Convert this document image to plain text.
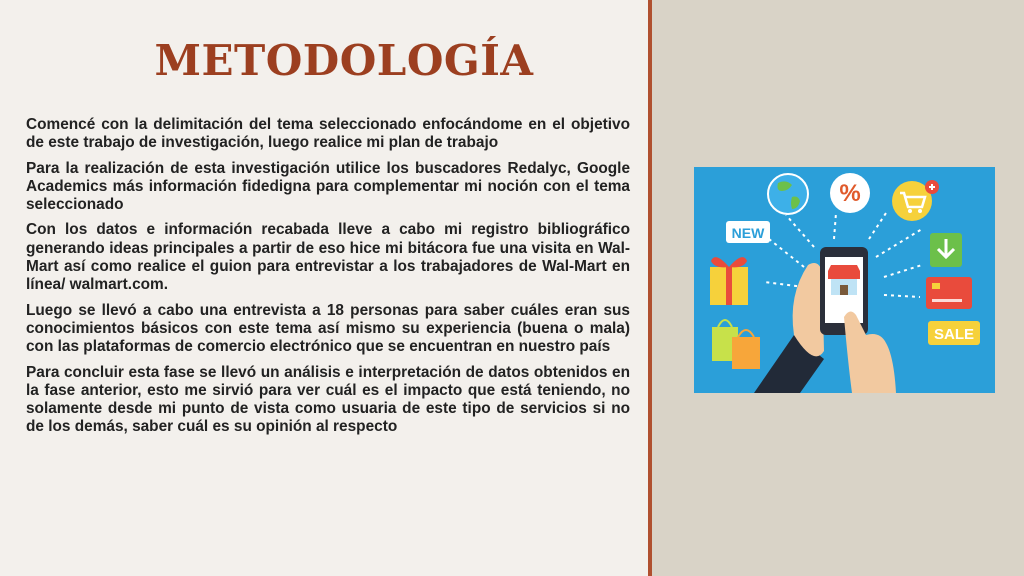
METODOLOGÍA

Comencé con la delimitación del tema seleccionado enfocándome en el objetivo de este trabajo de investigación, luego realice mi plan de trabajo

Para la realización de esta investigación utilice los buscadores Redalyc, Google Academics más información fidedigna para complementar mi noción con el tema seleccionado

Con los datos e información recabada lleve a cabo mi registro bibliográfico generando ideas principales a partir de eso hice mi bitácora fue una visita en Wal-Mart así como realice el guion para entrevistar a los trabajadores de Wal-Mart en línea/ walmart.com.

Luego se llevó a cabo una entrevista a 18 personas para saber cuáles eran sus conocimientos básicos con este tema así mismo su experiencia (buena o mala) con las plataformas de comercio electrónico que se encuentran en nuestro país

Para concluir esta fase se llevó un análisis e interpretación de datos obtenidos en la fase anterior, esto me sirvió para ver cuál es el impacto que está teniendo, no solamente desde mi punto de vista como usuaria de este tipo de servicios si no de los demás, saber cuál es su opinión al respecto

%
NEW
SALE
